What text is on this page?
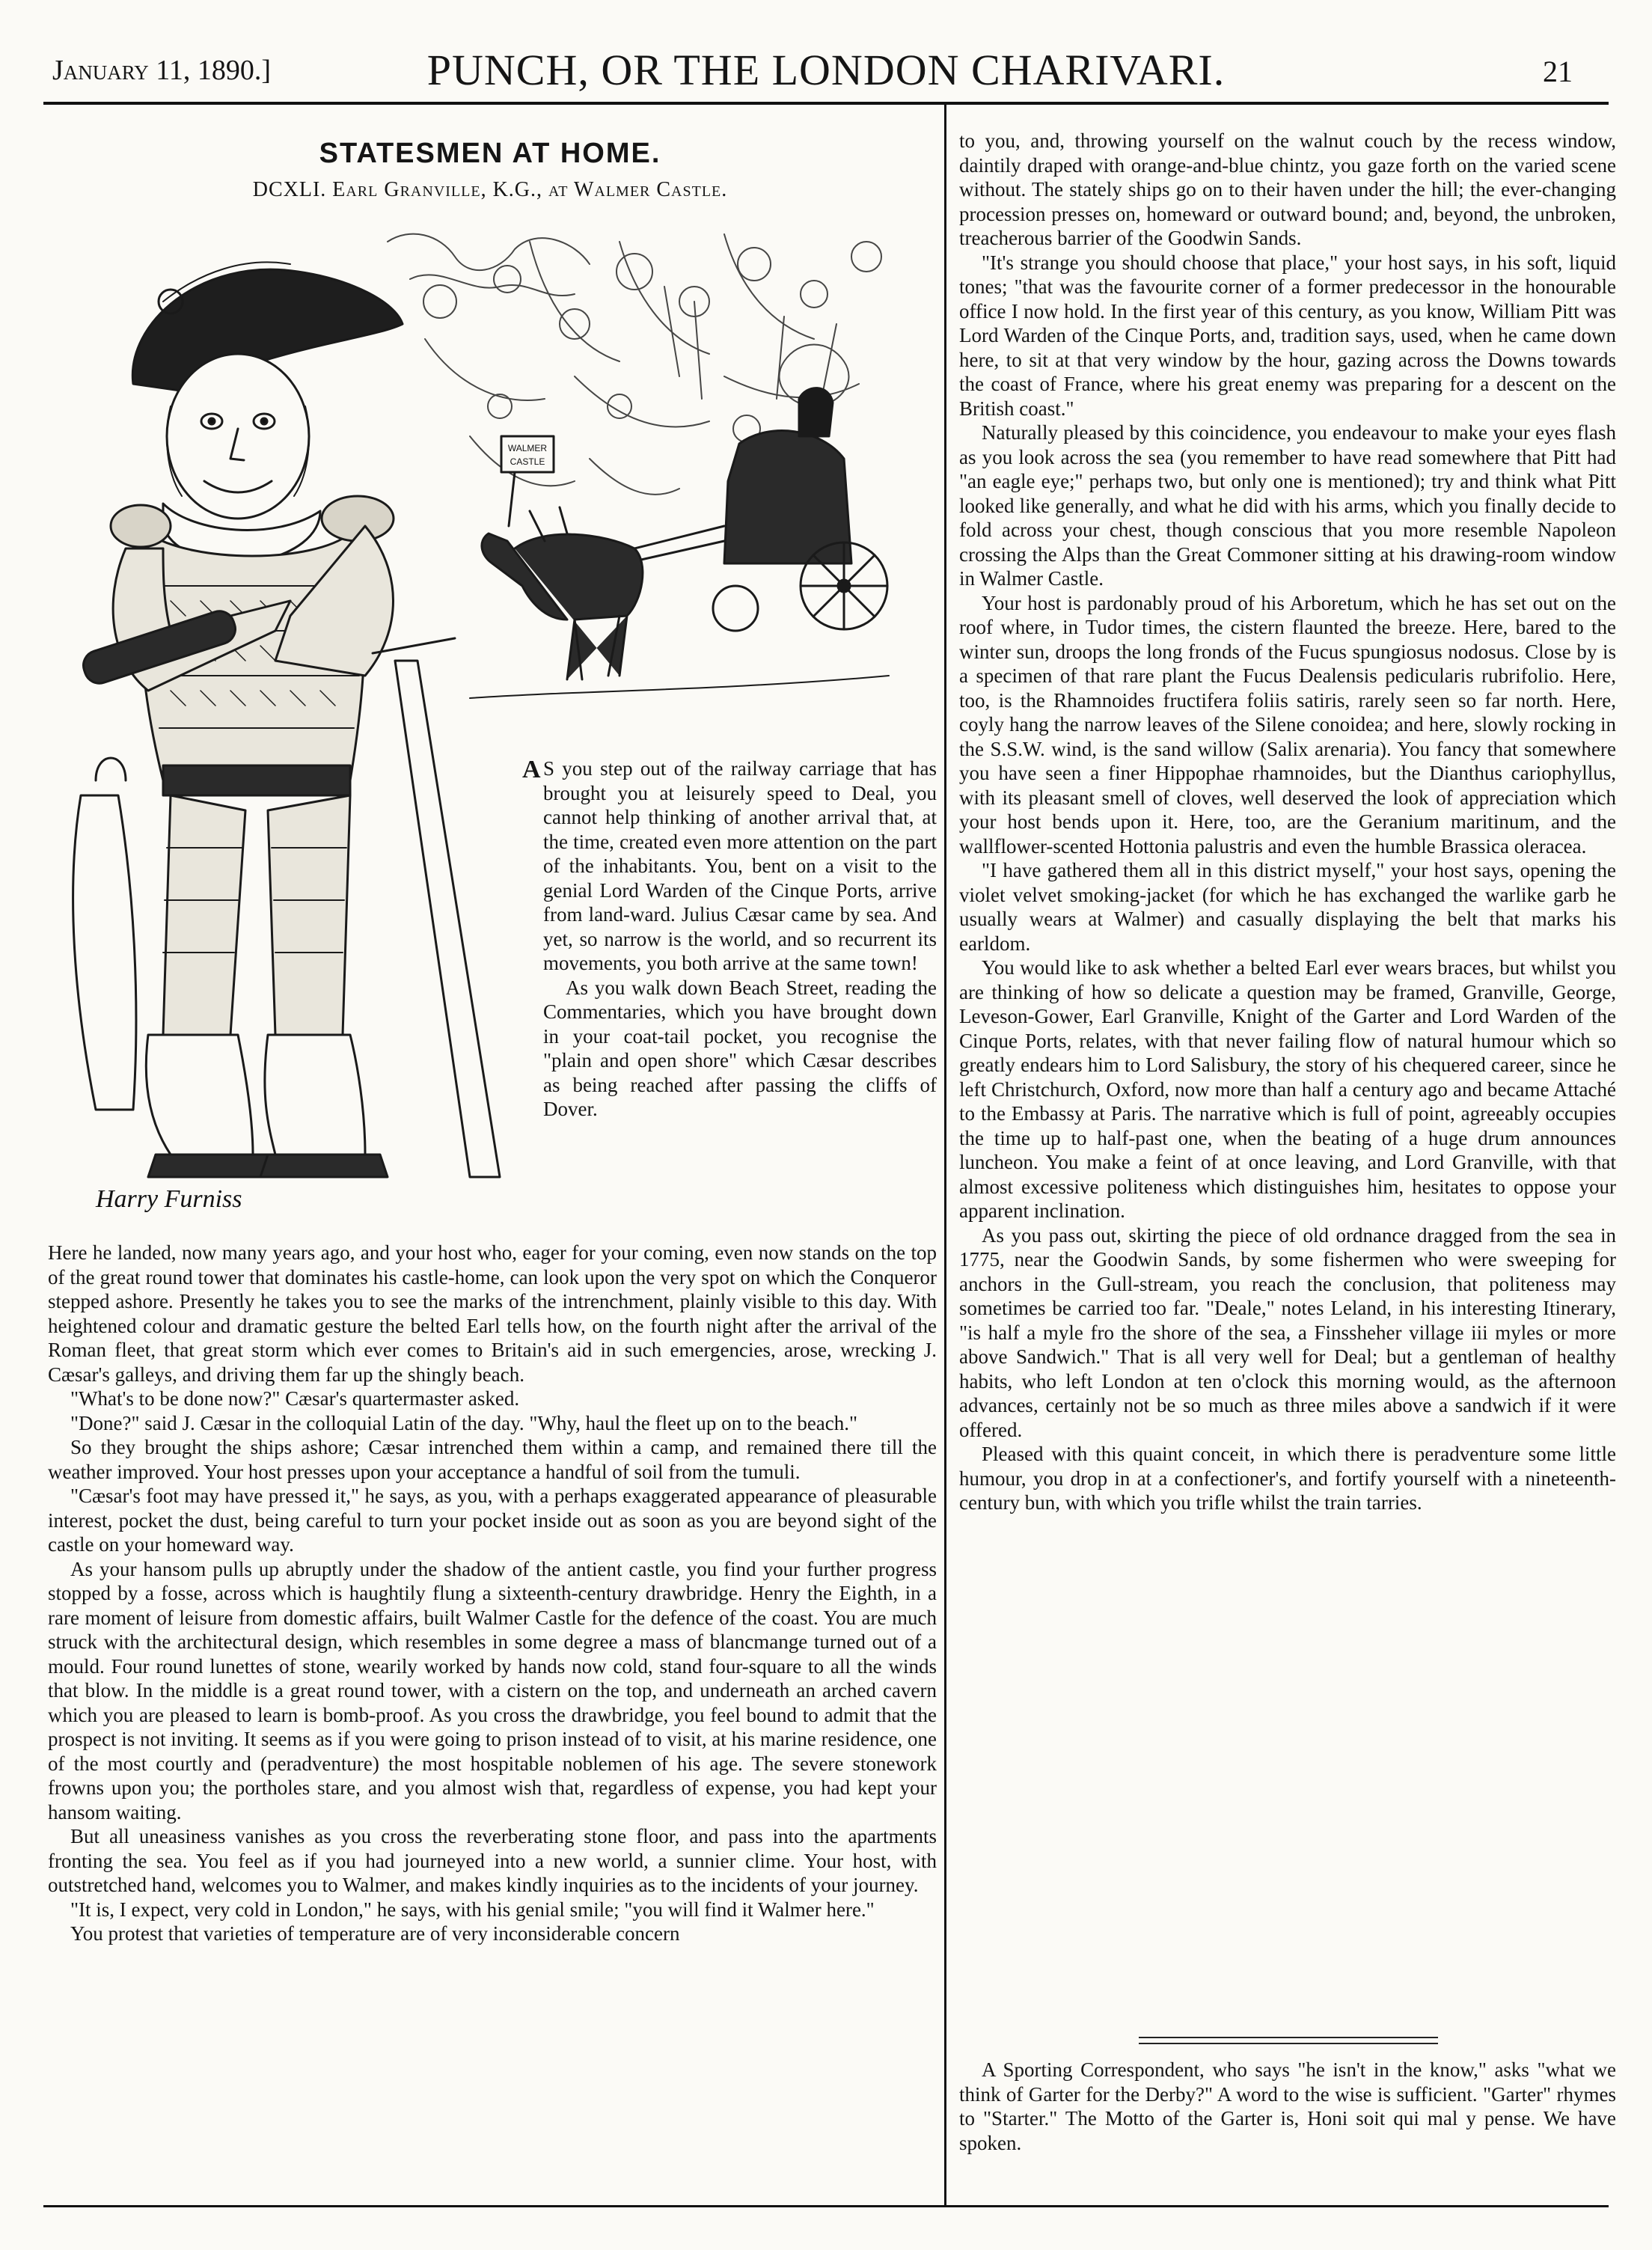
January 11, 1890.]	PUNCH, OR THE LONDON CHARIVARI.	21
STATESMEN AT HOME.
DCXLI. Earl Granville, K.G., at Walmer Castle.
WALMER
CASTLE
Harry Furniss
A S you step out of the railway carriage that has brought you at leisurely speed to Deal, you cannot help thinking of another arrival that, at the time, created even more attention on the part of the inhabitants. You, bent on a visit to the genial Lord Warden of the Cinque Ports, arrive from land-ward. Julius Cæsar came by sea. And yet, so narrow is the world, and so recurrent its movements, you both arrive at the same town!

As you walk down Beach Street, reading the Commentaries, which you have brought down in your coat-tail pocket, you recognise the "plain and open shore" which Cæsar describes as being reached after passing the cliffs of Dover.

Here he landed, now many years ago, and your host who, eager for your coming, even now stands on the top of the great round tower that dominates his castle-home, can look upon the very spot on which the Conqueror stepped ashore. Presently he takes you to see the marks of the intrenchment, plainly visible to this day. With heightened colour and dramatic gesture the belted Earl tells how, on the fourth night after the arrival of the Roman fleet, that great storm which ever comes to Britain's aid in such emergencies, arose, wrecking J. Cæsar's galleys, and driving them far up the shingly beach.

"What's to be done now?" Cæsar's quartermaster asked.

"Done?" said J. Cæsar in the colloquial Latin of the day. "Why, haul the fleet up on to the beach."

So they brought the ships ashore; Cæsar intrenched them within a camp, and remained there till the weather improved. Your host presses upon your acceptance a handful of soil from the tumuli.

"Cæsar's foot may have pressed it," he says, as you, with a perhaps exaggerated appearance of pleasurable interest, pocket the dust, being careful to turn your pocket inside out as soon as you are beyond sight of the castle on your homeward way.

As your hansom pulls up abruptly under the shadow of the antient castle, you find your further progress stopped by a fosse, across which is haughtily flung a sixteenth-century drawbridge. Henry the Eighth, in a rare moment of leisure from domestic affairs, built Walmer Castle for the defence of the coast. You are much struck with the architectural design, which resembles in some degree a mass of blancmange turned out of a mould. Four round lunettes of stone, wearily worked by hands now cold, stand four-square to all the winds that blow. In the middle is a great round tower, with a cistern on the top, and underneath an arched cavern which you are pleased to learn is bomb-proof. As you cross the drawbridge, you feel bound to admit that the prospect is not inviting. It seems as if you were going to prison instead of to visit, at his marine residence, one of the most courtly and (peradventure) the most hospitable noblemen of his age. The severe stonework frowns upon you; the portholes stare, and you almost wish that, regardless of expense, you had kept your hansom waiting.

But all uneasiness vanishes as you cross the reverberating stone floor, and pass into the apartments fronting the sea. You feel as if you had journeyed into a new world, a sunnier clime. Your host, with outstretched hand, welcomes you to Walmer, and makes kindly inquiries as to the incidents of your journey.

"It is, I expect, very cold in London," he says, with his genial smile; "you will find it Walmer here."

You protest that varieties of temperature are of very inconsiderable concern

to you, and, throwing yourself on the walnut couch by the recess window, daintily draped with orange-and-blue chintz, you gaze forth on the varied scene without. The stately ships go on to their haven under the hill; the ever-changing procession presses on, homeward or outward bound; and, beyond, the unbroken, treacherous barrier of the Goodwin Sands.

"It's strange you should choose that place," your host says, in his soft, liquid tones; "that was the favourite corner of a former predecessor in the honourable office I now hold. In the first year of this century, as you know, William Pitt was Lord Warden of the Cinque Ports, and, tradition says, used, when he came down here, to sit at that very window by the hour, gazing across the Downs towards the coast of France, where his great enemy was preparing for a descent on the British coast."

Naturally pleased by this coincidence, you endeavour to make your eyes flash as you look across the sea (you remember to have read somewhere that Pitt had "an eagle eye;" perhaps two, but only one is mentioned); try and think what Pitt looked like generally, and what he did with his arms, which you finally decide to fold across your chest, though conscious that you more resemble Napoleon crossing the Alps than the Great Commoner sitting at his drawing-room window in Walmer Castle.

Your host is pardonably proud of his Arboretum, which he has set out on the roof where, in Tudor times, the cistern flaunted the breeze. Here, bared to the winter sun, droops the long fronds of the Fucus spungiosus nodosus. Close by is a specimen of that rare plant the Fucus Dealensis pedicularis rubrifolio. Here, too, is the Rhamnoides fructifera foliis satiris, rarely seen so far north. Here, coyly hang the narrow leaves of the Silene conoidea; and here, slowly rocking in the S.S.W. wind, is the sand willow (Salix arenaria). You fancy that somewhere you have seen a finer Hippophae rhamnoides, but the Dianthus cariophyllus, with its pleasant smell of cloves, well deserved the look of appreciation which your host bends upon it. Here, too, are the Geranium maritinum, and the wallflower-scented Hottonia palustris and even the humble Brassica oleracea.

"I have gathered them all in this district myself," your host says, opening the violet velvet smoking-jacket (for which he has exchanged the warlike garb he usually wears at Walmer) and casually displaying the belt that marks his earldom.

You would like to ask whether a belted Earl ever wears braces, but whilst you are thinking of how so delicate a question may be framed, Granville, George, Leveson-Gower, Earl Granville, Knight of the Garter and Lord Warden of the Cinque Ports, relates, with that never failing flow of natural humour which so greatly endears him to Lord Salisbury, the story of his chequered career, since he left Christchurch, Oxford, now more than half a century ago and became Attaché to the Embassy at Paris. The narrative which is full of point, agreeably occupies the time up to half-past one, when the beating of a huge drum announces luncheon. You make a feint of at once leaving, and Lord Granville, with that almost excessive politeness which distinguishes him, hesitates to oppose your apparent inclination.

As you pass out, skirting the piece of old ordnance dragged from the sea in 1775, near the Goodwin Sands, by some fishermen who were sweeping for anchors in the Gull-stream, you reach the conclusion, that politeness may sometimes be carried too far. "Deale," notes Leland, in his interesting Itinerary, "is half a myle fro the shore of the sea, a Finssheher village iii myles or more above Sandwich." That is all very well for Deal; but a gentleman of healthy habits, who left London at ten o'clock this morning would, as the afternoon advances, certainly not be so much as three miles above a sandwich if it were offered.

Pleased with this quaint conceit, in which there is peradventure some little humour, you drop in at a confectioner's, and fortify yourself with a nineteenth-century bun, with which you trifle whilst the train tarries.

A Sporting Correspondent, who says "he isn't in the know," asks "what we think of Garter for the Derby?" A word to the wise is sufficient. "Garter" rhymes to "Starter." The Motto of the Garter is, Honi soit qui mal y pense. We have spoken.
